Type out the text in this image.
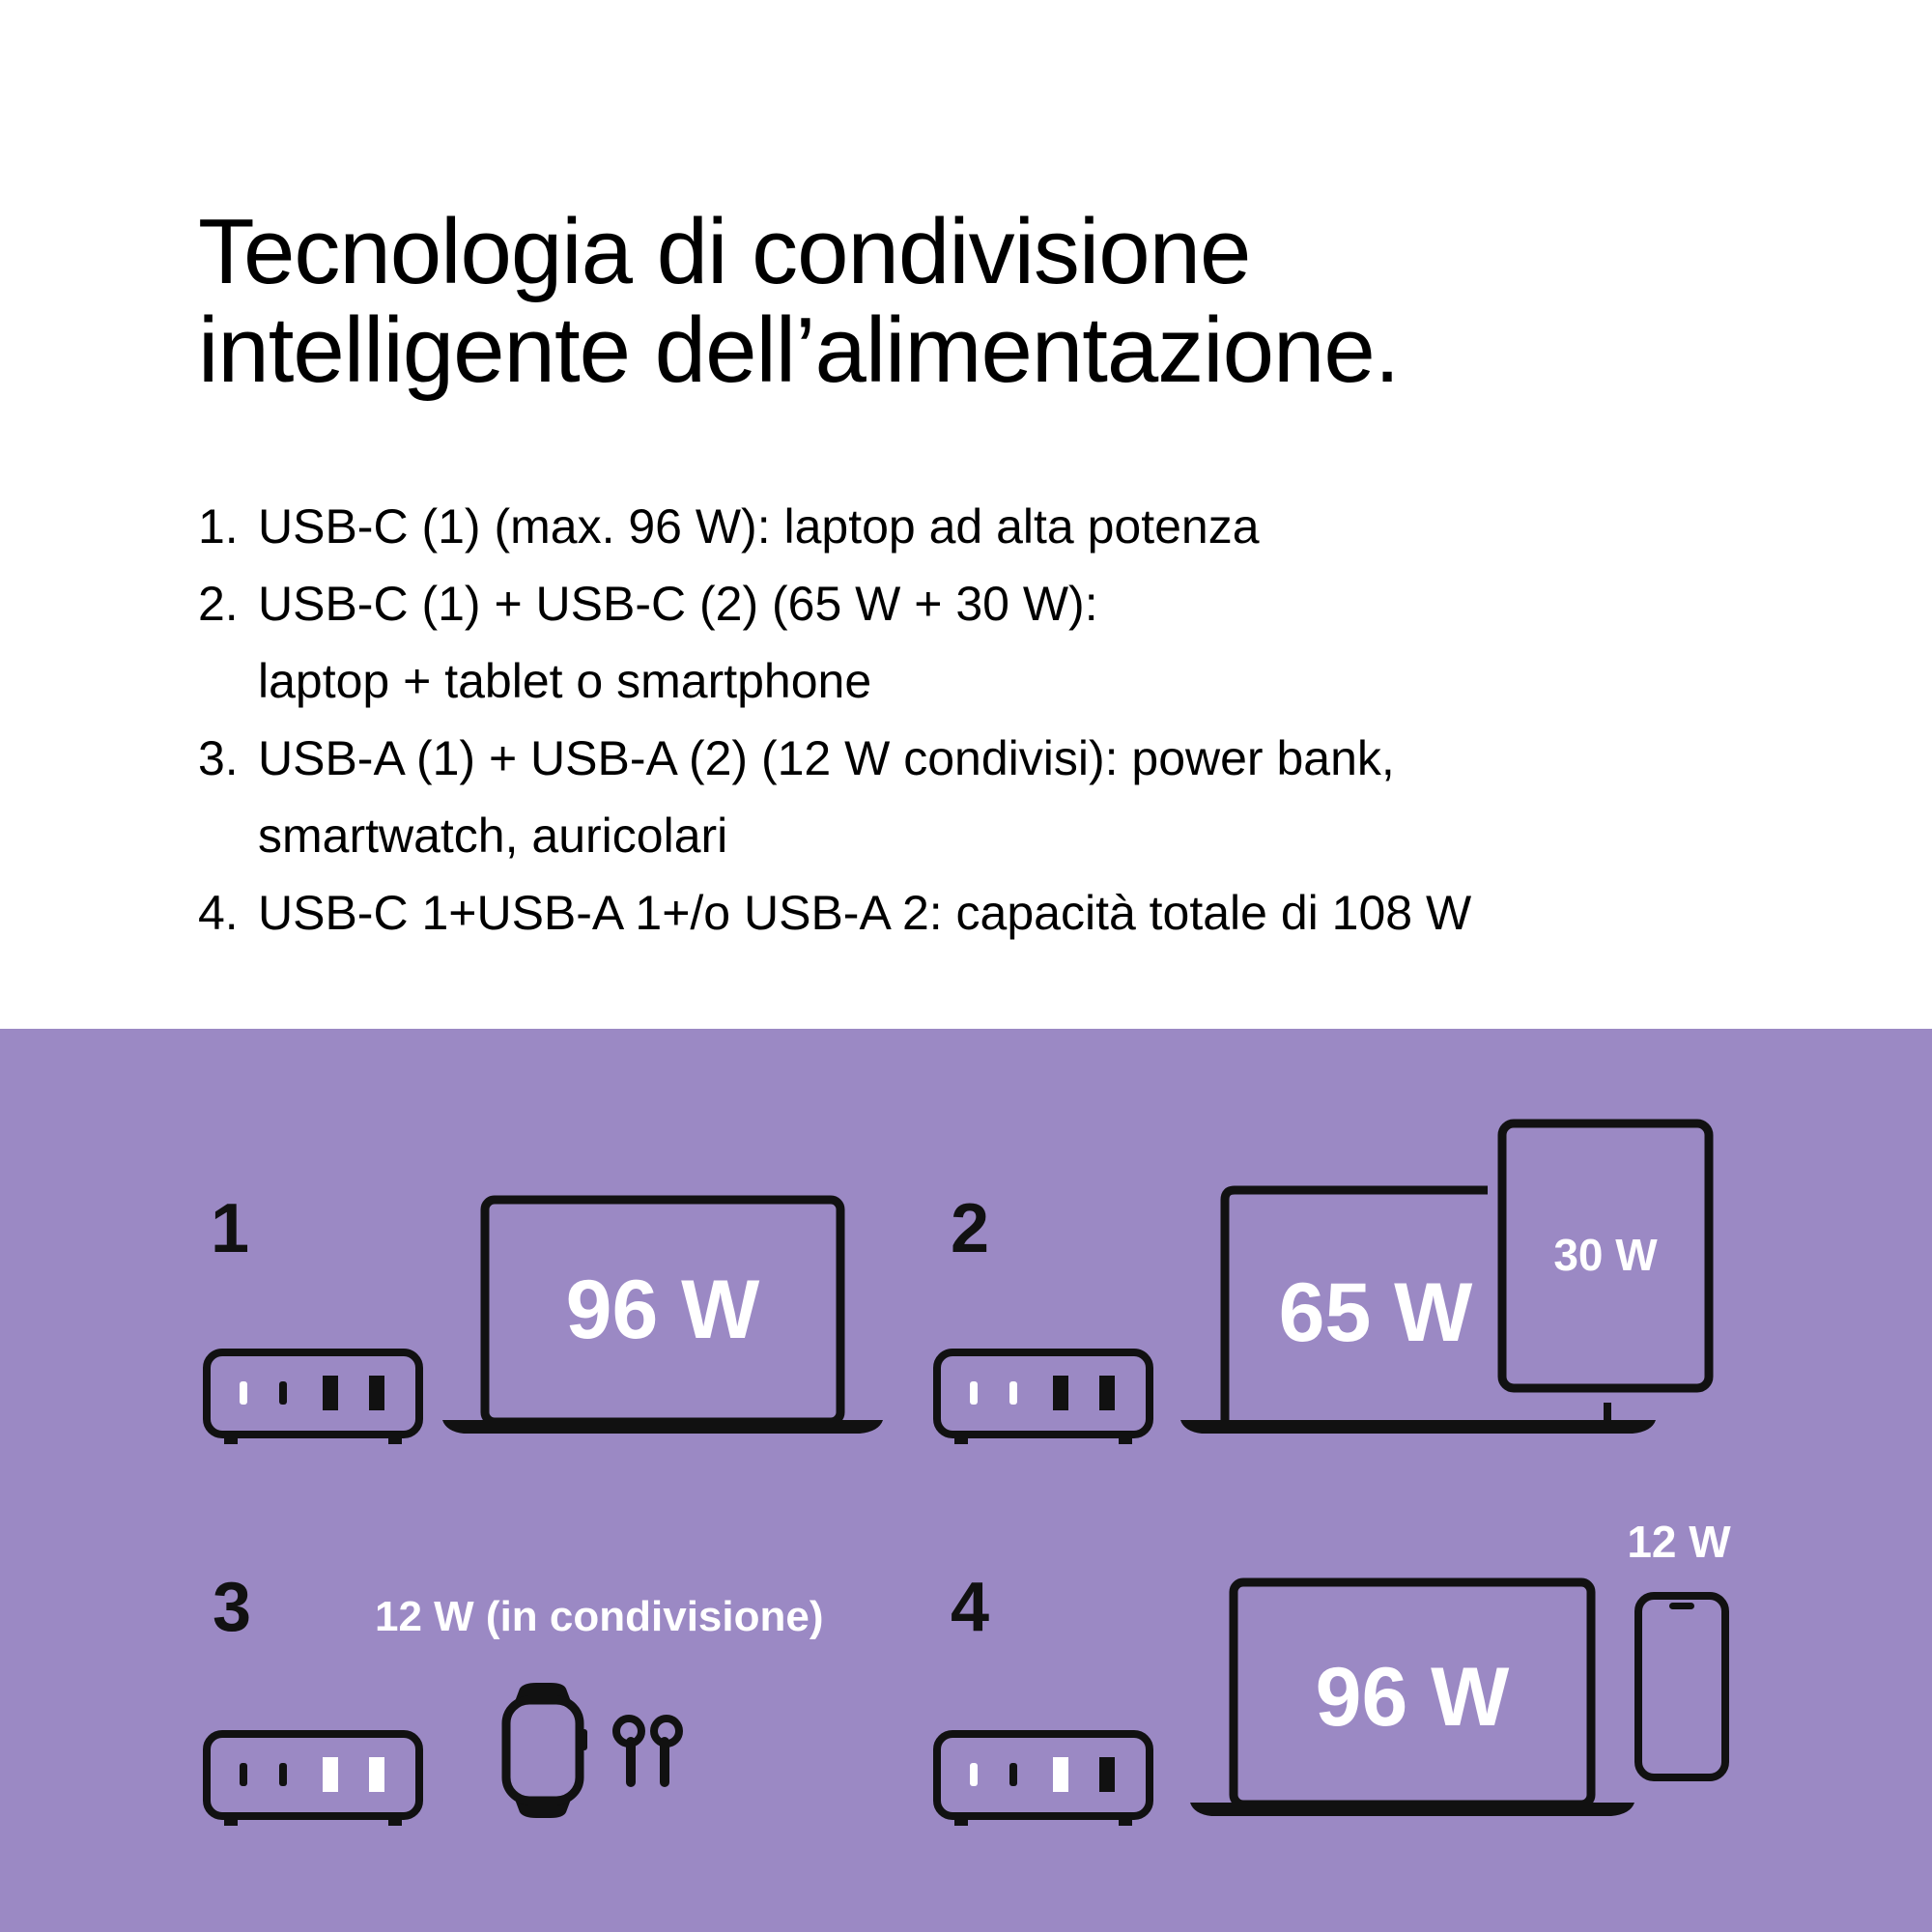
Tecnologia di condivisione
intelligente dell’alimentazione.
1. USB-C (1) (max. 96 W): laptop ad alta potenza
2. USB-C (1) + USB-C (2) (65 W + 30 W):
laptop + tablet o smartphone
3. USB-A (1) + USB-A (2) (12 W condivisi): power bank,
smartwatch, auricolari
4. USB-C 1+USB-A 1+/o USB-A 2: capacità totale di 108 W
1
96 W
2
65 W
30 W
3	12 W (in condivisione) 4
96 W
12 W
